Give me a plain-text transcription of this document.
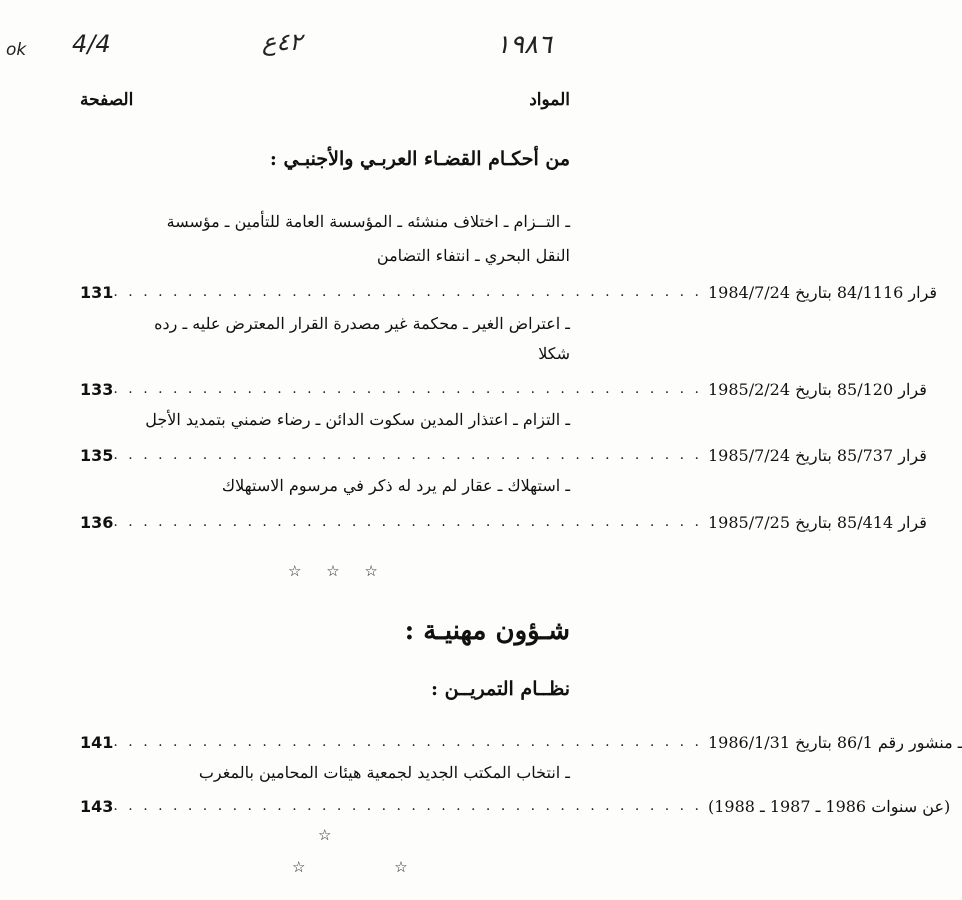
ok 4/4	٤٢ع	١٩٨٦
المواد
الصفحة
من أحكـام القضـاء العربـي والأجنبـي :
ـ التــزام ـ اختلاف منشئه ـ المؤسسة العامة للتأمين ـ مؤسسة
النقل البحري ـ انتفاء التضامن
131 . . . . . . . . . . . . . . . . . . . . . . . . . . . . . . . . . . . . . . . . قرار 84/1116 بتاريخ 1984/7/24
ـ اعتراض الغير ـ محكمة غير مصدرة القرار المعترض عليه ـ رده
شكلا
133 . . . . . . . . . . . . . . . . . . . . . . . . . . . . . . . . . . . . . . . . قرار 85/120 بتاريخ 1985/2/24
ـ التزام ـ اعتذار المدين سكوت الدائن ـ رضاء ضمني بتمديد الأجل
135 . . . . . . . . . . . . . . . . . . . . . . . . . . . . . . . . . . . . . . . . قرار 85/737 بتاريخ 1985/7/24
ـ استهلاك ـ عقار لم يرد له ذكر في مرسوم الاستهلاك
136 . . . . . . . . . . . . . . . . . . . . . . . . . . . . . . . . . . . . . . . . قرار 85/414 بتاريخ 1985/7/25
☆ ☆ ☆
شـؤون مهنيـة :
نظــام التمريــن :
141 . . . . . . . . . . . . . . . . . . . . . . . . . . . . . . . . . . . . . . . . ـ منشور رقم 86/1 بتاريخ 1986/1/31
ـ انتخاب المكتب الجديد لجمعية هيئات المحامين بالمغرب
143 . . . . . . . . . . . . . . . . . . . . . . . . . . . . . . . . . . . . . . . . (عن سنوات 1986 ـ 1987 ـ 1988)
☆
☆ ☆
